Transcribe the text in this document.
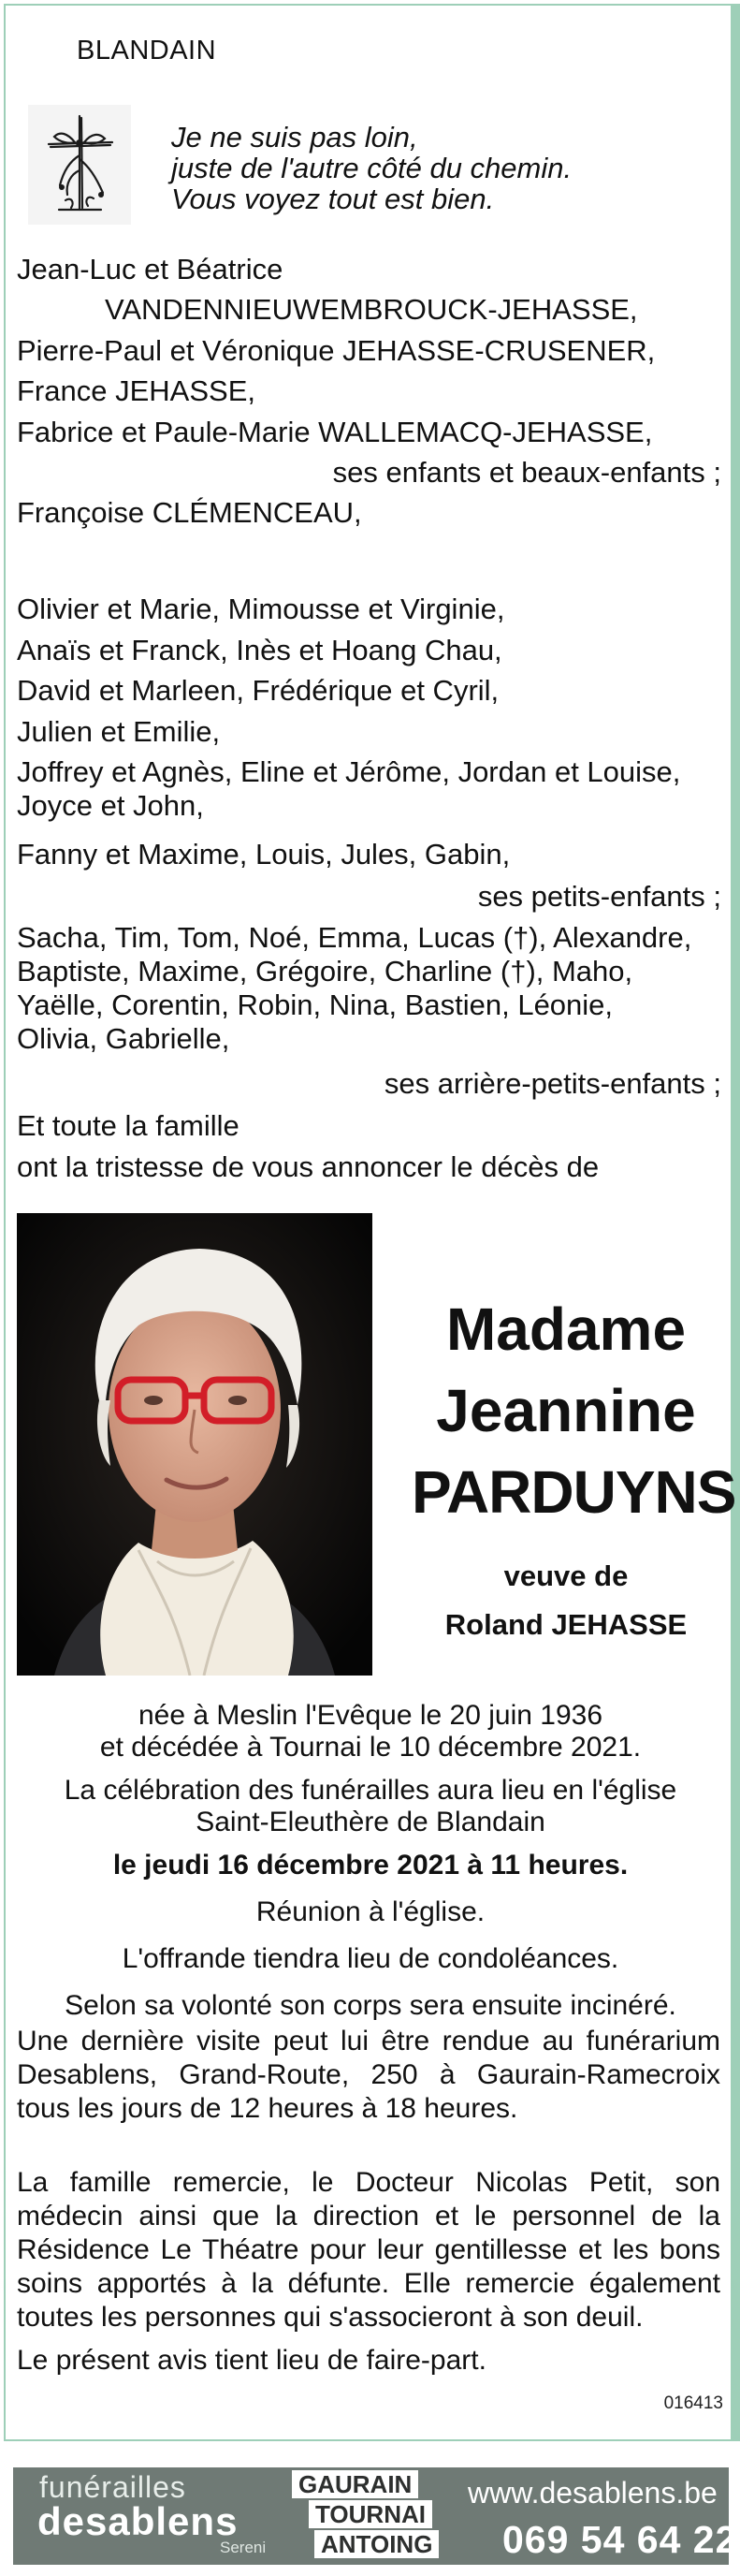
BLANDAIN
Je ne suis pas loin,
juste de l'autre côté du chemin.
Vous voyez tout est bien.
Jean-Luc et Béatrice
VANDENNIEUWEMBROUCK-JEHASSE,
Pierre-Paul et Véronique JEHASSE-CRUSENER,
France JEHASSE,
Fabrice et Paule-Marie WALLEMACQ-JEHASSE,
ses enfants et beaux-enfants ;
Françoise CLÉMENCEAU,
Olivier et Marie, Mimousse et Virginie,
Anaïs et Franck, Inès et Hoang Chau,
David et Marleen, Frédérique et Cyril,
Julien et Emilie,
Joffrey et Agnès, Eline et Jérôme, Jordan et Louise,
Joyce et John,
Fanny et Maxime, Louis, Jules, Gabin,
ses petits-enfants ;
Sacha, Tim, Tom, Noé, Emma, Lucas (†), Alexandre,
Baptiste, Maxime, Grégoire, Charline (†), Maho,
Yaëlle, Corentin, Robin, Nina, Bastien, Léonie,
Olivia, Gabrielle,
ses arrière-petits-enfants ;
Et toute la famille
ont la tristesse de vous annoncer le décès de
Madame
Jeannine
PARDUYNS
veuve de
Roland JEHASSE
née à Meslin l'Evêque le 20 juin 1936
et décédée à Tournai le 10 décembre 2021.
La célébration des funérailles aura lieu en l'église
Saint-Eleuthère de Blandain
le jeudi 16 décembre 2021 à 11 heures.
Réunion à l'église.
L'offrande tiendra lieu de condoléances.
Selon sa volonté son corps sera ensuite incinéré.
Une dernière visite peut lui être rendue au funérarium Desablens, Grand-Route, 250 à Gaurain-Ramecroix tous les jours de 12 heures à 18 heures.
La famille remercie, le Docteur Nicolas Petit, son médecin ainsi que la direction et le personnel de la Résidence Le Théatre pour leur gentillesse et les bons soins apportés à la défunte. Elle remercie également toutes les personnes qui s'associeront à son deuil.
Le présent avis tient lieu de faire-part.
016413
funérailles
desablens
Sereni
GAURAIN
TOURNAI
ANTOING
www.desablens.be
069 54 64 22
